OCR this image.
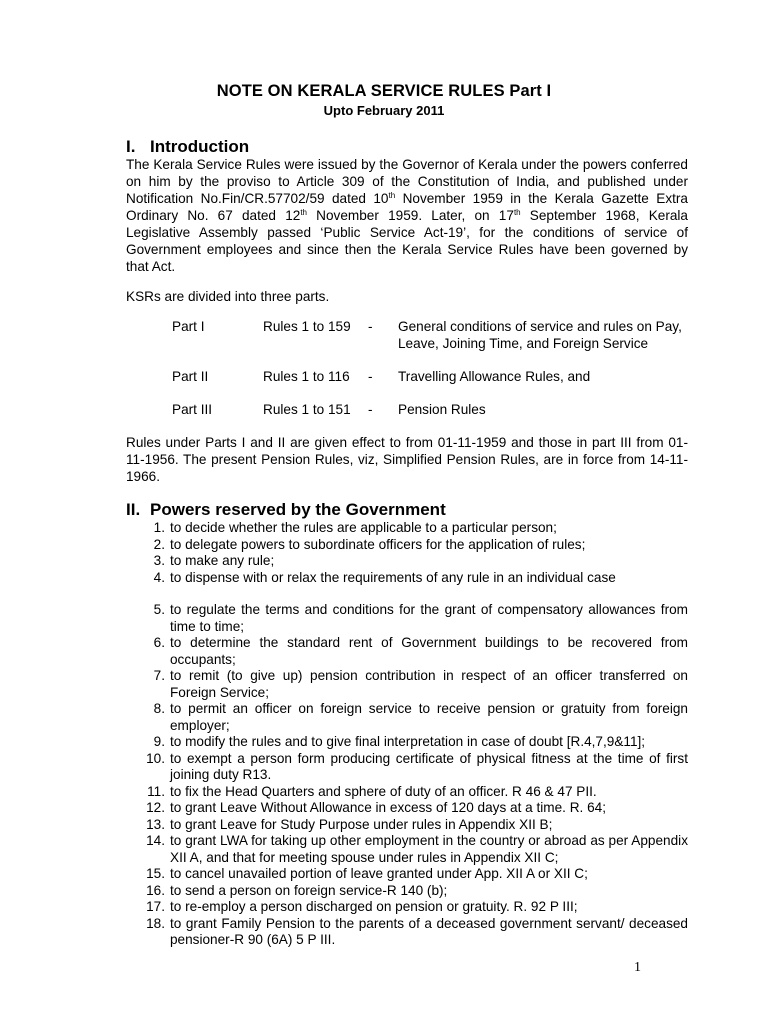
NOTE ON KERALA SERVICE RULES Part I
Upto February 2011
I. Introduction
The Kerala Service Rules were issued by the Governor of Kerala under the powers conferred on him by the proviso to Article 309 of the Constitution of India, and published under Notification No.Fin/CR.57702/59 dated 10th November 1959 in the Kerala Gazette Extra Ordinary No. 67 dated 12th November 1959. Later, on 17th September 1968, Kerala Legislative Assembly passed ‘Public Service Act-19’, for the conditions of service of Government employees and since then the Kerala Service Rules have been governed by that Act.
KSRs are divided into three parts.
Part I	Rules 1 to 159 - General conditions of service and rules on Pay, Leave, Joining Time, and Foreign Service
Part II	Rules 1 to 116 - Travelling Allowance Rules, and
Part III	Rules 1 to 151 - Pension Rules
Rules under Parts I and II are given effect to from 01-11-1959 and those in part III from 01-11-1956. The present Pension Rules, viz, Simplified Pension Rules, are in force from 14-11-1966.
II. Powers reserved by the Government
1. to decide whether the rules are applicable to a particular person;
2. to delegate powers to subordinate officers for the application of rules;
3. to make any rule;
4. to dispense with or relax the requirements of any rule in an individual case
5. to regulate the terms and conditions for the grant of compensatory allowances from time to time;
6. to determine the standard rent of Government buildings to be recovered from occupants;
7. to remit (to give up) pension contribution in respect of an officer transferred on Foreign Service;
8. to permit an officer on foreign service to receive pension or gratuity from foreign employer;
9. to modify the rules and to give final interpretation in case of doubt [R.4,7,9&11];
10. to exempt a person form producing certificate of physical fitness at the time of first joining duty R13.
11. to fix the Head Quarters and sphere of duty of an officer. R 46 & 47 PII.
12. to grant Leave Without Allowance in excess of 120 days at a time. R. 64;
13. to grant Leave for Study Purpose under rules in Appendix XII B;
14. to grant LWA for taking up other employment in the country or abroad as per Appendix XII A, and that for meeting spouse under rules in Appendix XII C;
15. to cancel unavailed portion of leave granted under App. XII A or XII C;
16. to send a person on foreign service-R 140 (b);
17. to re-employ a person discharged on pension or gratuity. R. 92 P III;
18. to grant Family Pension to the parents of a deceased government servant/ deceased pensioner-R 90 (6A) 5 P III.
1
